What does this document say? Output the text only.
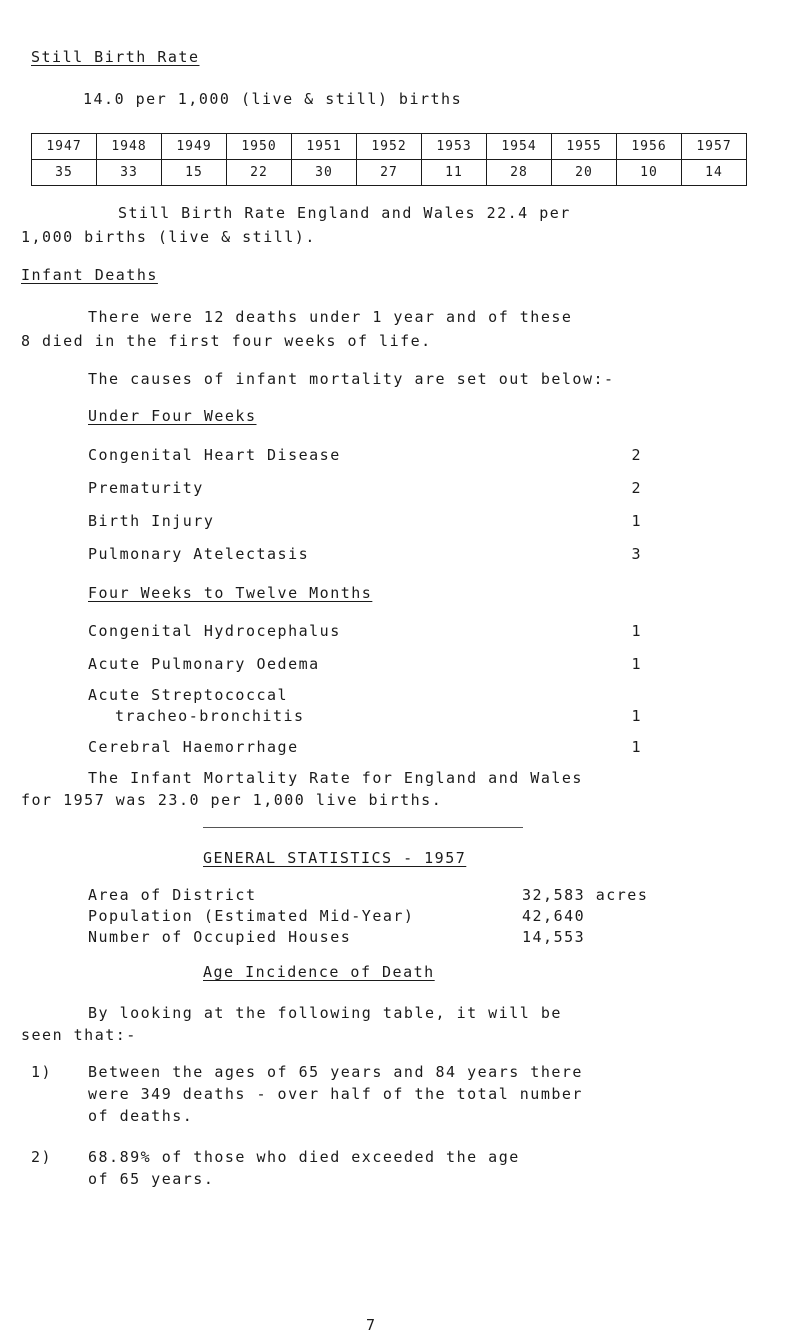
Still Birth Rate
14.0 per 1,000 (live & still) births
1947	1948	1949	1950	1951	1952	1953	1954	1955	1956	1957
35	33	15	22	30	27	11	28	20	10	14
Still Birth Rate England and Wales 22.4 per
1,000 births (live & still).
Infant Deaths
There were 12 deaths under 1 year and of these
8 died in the first four weeks of life.
The causes of infant mortality are set out below:-
Under Four Weeks
Congenital Heart Disease	2
Prematurity	2
Birth Injury	1
Pulmonary Atelectasis	3
Four Weeks to Twelve Months
Congenital Hydrocephalus	1
Acute Pulmonary Oedema	1
Acute Streptococcal
tracheo-bronchitis	1
Cerebral Haemorrhage	1
The Infant Mortality Rate for England and Wales
for 1957 was 23.0 per 1,000 live births.
GENERAL STATISTICS - 1957
Area of District	32,583 acres
Population (Estimated Mid-Year)	42,640
Number of Occupied Houses	14,553
Age Incidence of Death
By looking at the following table, it will be
seen that:-
1) Between the ages of 65 years and 84 years there
were 349 deaths - over half of the total number
of deaths.
2) 68.89% of those who died exceeded the age
of 65 years.
7
